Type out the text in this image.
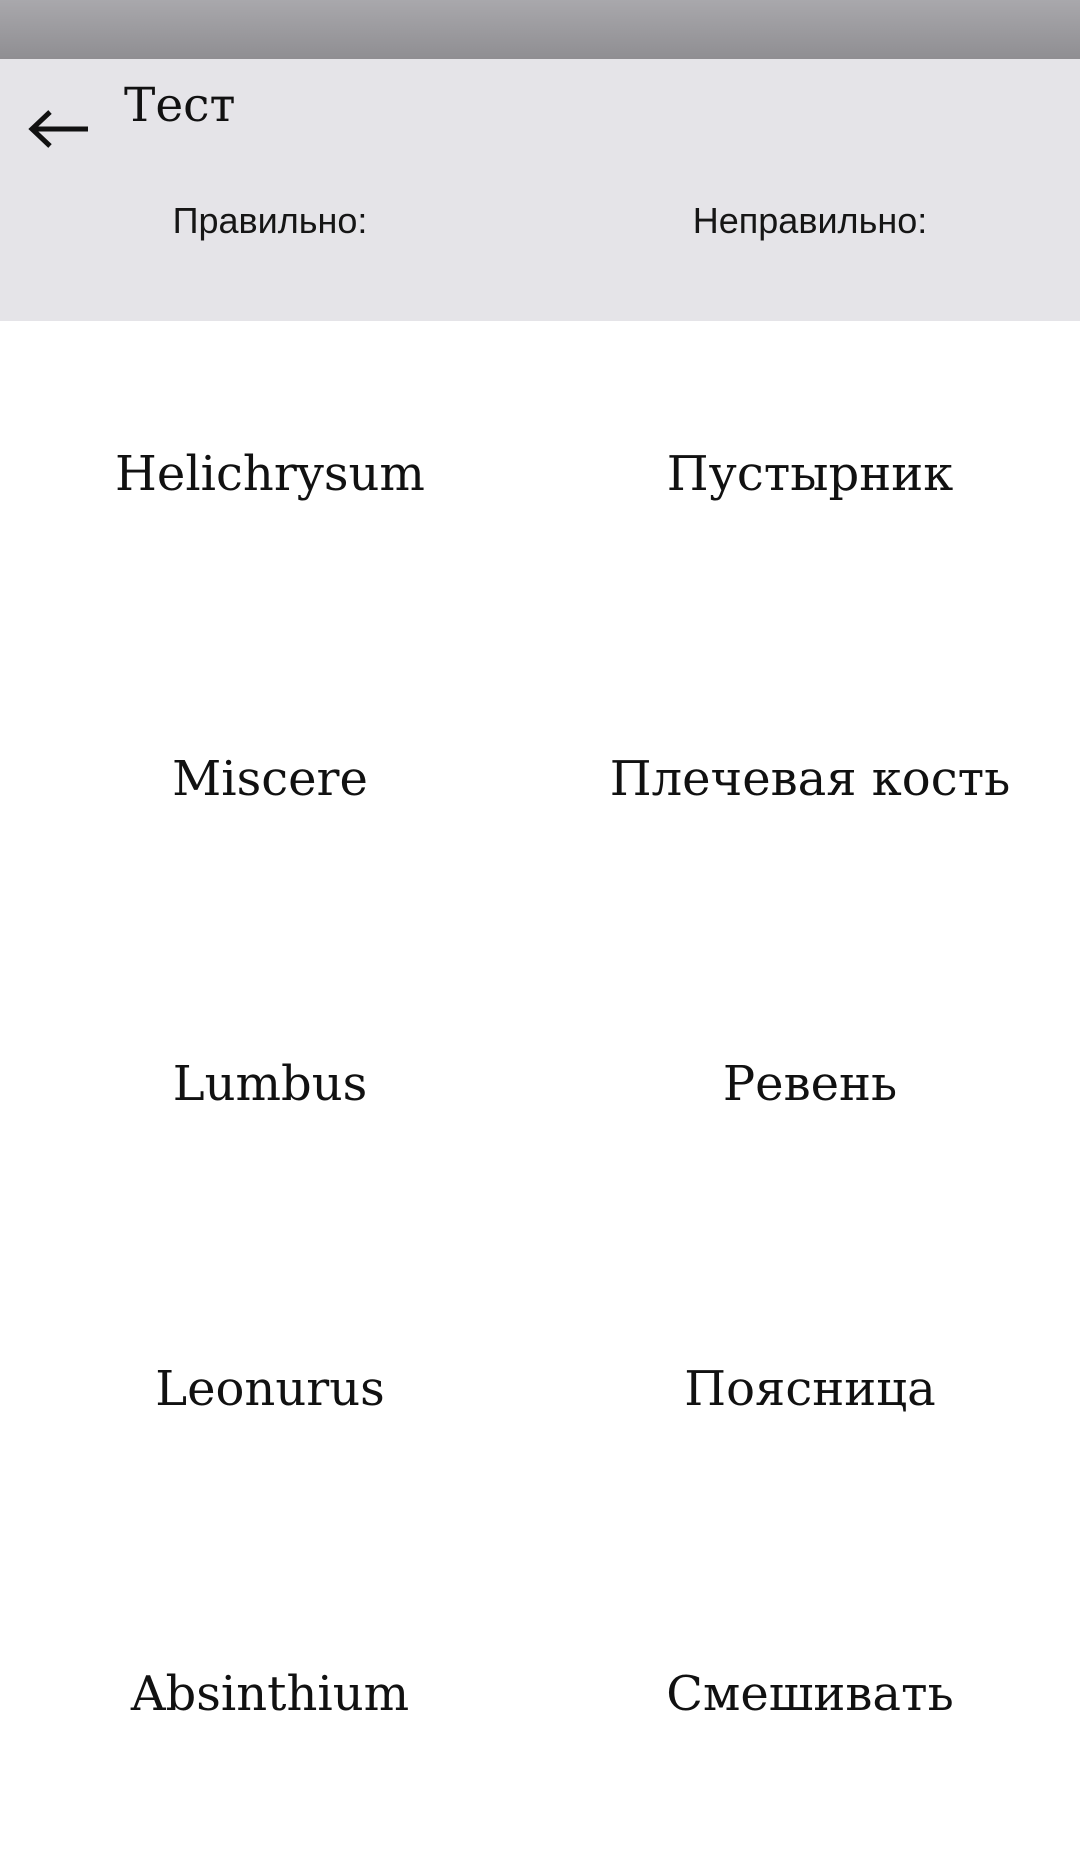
Тест
Правильно:	Неправильно:
Helichrysum	Пустырник
Miscere	Плечевая кость
Lumbus	Ревень
Leonurus	Поясница
Absinthium	Смешивать
